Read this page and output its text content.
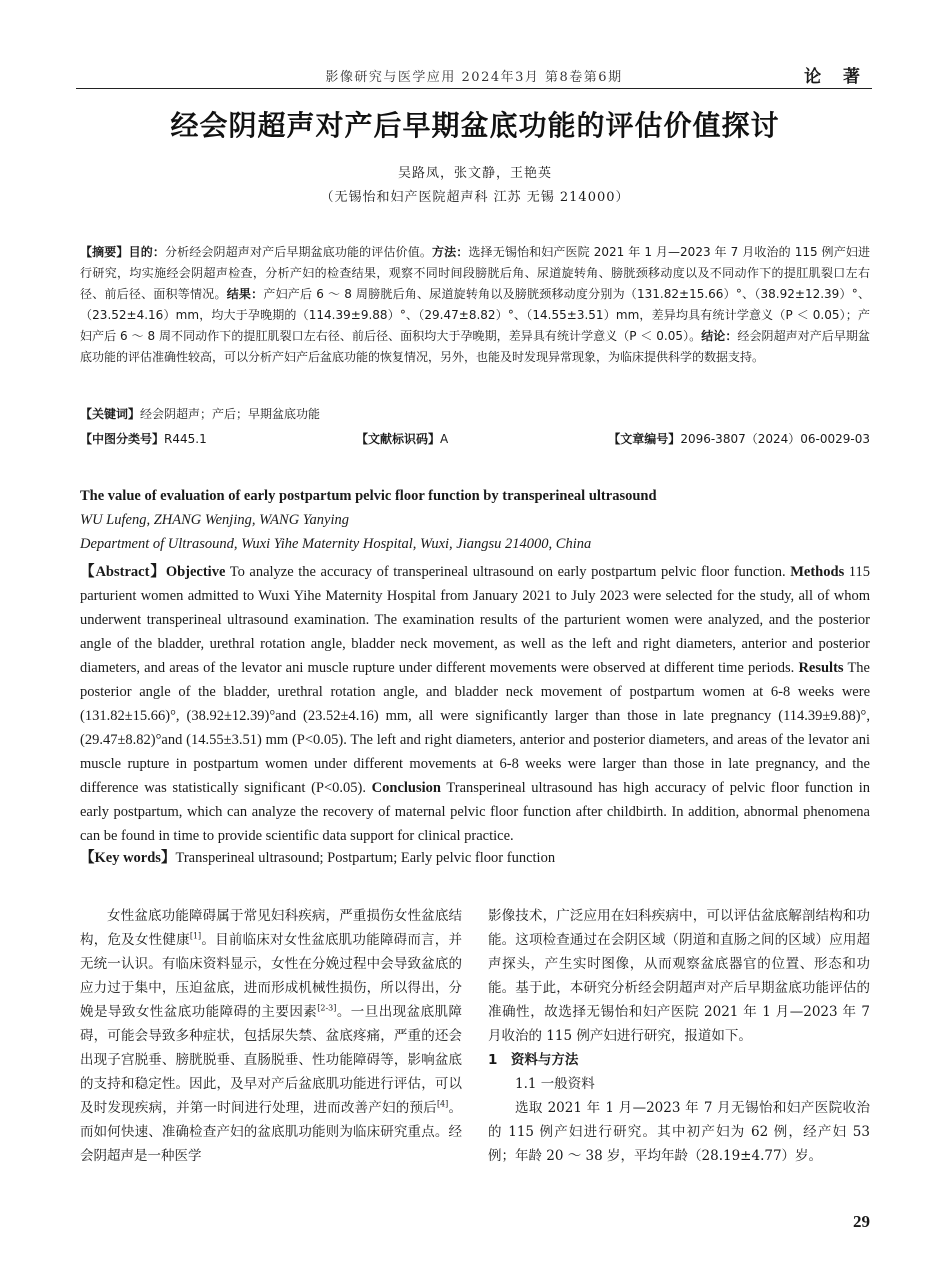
影像研究与医学应用 2024年3月 第8卷第6期	论 著
经会阴超声对产后早期盆底功能的评估价值探讨
吴路凤，张文静，王艳英
（无锡怡和妇产医院超声科 江苏 无锡 214000）
【摘要】目的：分析经会阴超声对产后早期盆底功能的评估价值。方法：选择无锡怡和妇产医院 2021 年 1 月—2023 年 7 月收治的 115 例产妇进行研究，均实施经会阴超声检查，分析产妇的检查结果，观察不同时间段膀胱后角、尿道旋转角、膀胱颈移动度以及不同动作下的提肛肌裂口左右径、前后径、面积等情况。结果：产妇产后 6 ～ 8 周膀胱后角、尿道旋转角以及膀胱颈移动度分别为（131.82±15.66）°、（38.92±12.39）°、（23.52±4.16）mm，均大于孕晚期的（114.39±9.88）°、（29.47±8.82）°、（14.55±3.51）mm，差异均具有统计学意义（P ＜ 0.05）；产妇产后 6 ～ 8 周不同动作下的提肛肌裂口左右径、前后径、面积均大于孕晚期，差异具有统计学意义（P ＜ 0.05）。结论：经会阴超声对产后早期盆底功能的评估准确性较高，可以分析产妇产后盆底功能的恢复情况，另外，也能及时发现异常现象，为临床提供科学的数据支持。
【关键词】经会阴超声；产后；早期盆底功能
【中图分类号】R445.1	【文献标识码】A	【文章编号】2096-3807（2024）06-0029-03
The value of evaluation of early postpartum pelvic floor function by transperineal ultrasound
WU Lufeng, ZHANG Wenjing, WANG Yanying
Department of Ultrasound, Wuxi Yihe Maternity Hospital, Wuxi, Jiangsu 214000, China
【Abstract】Objective To analyze the accuracy of transperineal ultrasound on early postpartum pelvic floor function. Methods 115 parturient women admitted to Wuxi Yihe Maternity Hospital from January 2021 to July 2023 were selected for the study, all of whom underwent transperineal ultrasound examination. The examination results of the parturient women were analyzed, and the posterior angle of the bladder, urethral rotation angle, bladder neck movement, as well as the left and right diameters, anterior and posterior diameters, and areas of the levator ani muscle rupture under different movements were observed at different time periods. Results The posterior angle of the bladder, urethral rotation angle, and bladder neck movement of postpartum women at 6-8 weeks were (131.82±15.66)°, (38.92±12.39)°and (23.52±4.16) mm, all were significantly larger than those in late pregnancy (114.39±9.88)°, (29.47±8.82)°and (14.55±3.51) mm (P<0.05). The left and right diameters, anterior and posterior diameters, and areas of the levator ani muscle rupture in postpartum women under different movements at 6-8 weeks were larger than those in late pregnancy, and the difference was statistically significant (P<0.05). Conclusion Transperineal ultrasound has high accuracy of pelvic floor function in early postpartum, which can analyze the recovery of maternal pelvic floor function after childbirth. In addition, abnormal phenomena can be found in time to provide scientific data support for clinical practice.
【Key words】Transperineal ultrasound; Postpartum; Early pelvic floor function

女性盆底功能障碍属于常见妇科疾病，严重损伤女性盆底结构，危及女性健康[1]。目前临床对女性盆底肌功能障碍而言，并无统一认识。有临床资料显示，女性在分娩过程中会导致盆底的应力过于集中，压迫盆底，进而形成机械性损伤，所以得出，分娩是导致女性盆底功能障碍的主要因素[2-3]。一旦出现盆底肌障碍，可能会导致多种症状，包括尿失禁、盆底疼痛，严重的还会出现子宫脱垂、膀胱脱垂、直肠脱垂、性功能障碍等，影响盆底的支持和稳定性。因此，及早对产后盆底肌功能进行评估，可以及时发现疾病，并第一时间进行处理，进而改善产妇的预后[4]。而如何快速、准确检查产妇的盆底肌功能则为临床研究重点。经会阴超声是一种医学

影像技术，广泛应用在妇科疾病中，可以评估盆底解剖结构和功能。这项检查通过在会阴区域（阴道和直肠之间的区域）应用超声探头，产生实时图像，从而观察盆底器官的位置、形态和功能。基于此，本研究分析经会阴超声对产后早期盆底功能评估的准确性，故选择无锡怡和妇产医院 2021 年 1 月—2023 年 7 月收治的 115 例产妇进行研究，报道如下。

1　资料与方法

1.1 一般资料

选取 2021 年 1 月—2023 年 7 月无锡怡和妇产医院收治的 115 例产妇进行研究。其中初产妇为 62 例，经产妇 53 例；年龄 20 ～ 38 岁，平均年龄（28.19±4.77）岁。

29
